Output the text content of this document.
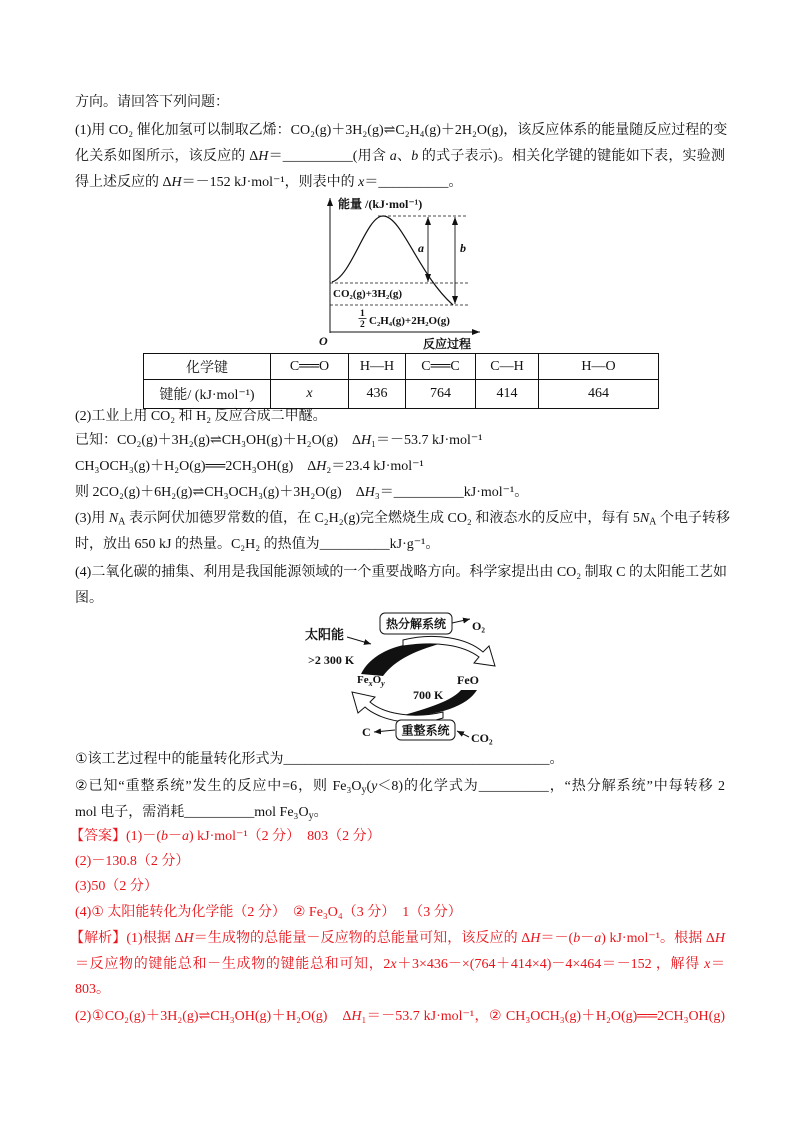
方向。请回答下列问题：
(1)用 CO₂ 催化加氢可以制取乙烯：CO₂(g)＋3H₂(g)⇌C₂H₄(g)＋2H₂O(g)，该反应体系的能量随反应过程的变
化关系如图所示，该反应的 ΔH＝__________(用含 a、b 的式子表示)。相关化学键的键能如下表，实验测
得上述反应的 ΔH＝－152 kJ·mol⁻¹，则表中的 x＝__________。
能量 /(kJ·mol⁻¹)
a	b
CO₂(g)+3H₂(g)
1
2 C₂H₄(g)+2H₂O(g)
O	反应过程
化学键	C══O	H—H	C══C	C—H	H—O
键能/ (kJ·mol⁻¹)	x	436	764	414	464
(2)工业上用 CO₂ 和 H₂ 反应合成二甲醚。
已知：CO₂(g)＋3H₂(g)⇌CH₃OH(g)＋H₂O(g)　ΔH₁＝－53.7 kJ·mol⁻¹
CH₃OCH₃(g)＋H₂O(g)══2CH₃OH(g)　ΔH₂＝23.4 kJ·mol⁻¹
则 2CO₂(g)＋6H₂(g)⇌CH₃OCH₃(g)＋3H₂O(g)　ΔH₃＝__________kJ·mol⁻¹。
(3)用 NA 表示阿伏加德罗常数的值，在 C₂H₂(g)完全燃烧生成 CO₂ 和液态水的反应中，每有 5NA 个电子转移
时，放出 650 kJ 的热量。C₂H₂ 的热值为__________kJ·g⁻¹。
(4)二氧化碳的捕集、利用是我国能源领域的一个重要战略方向。科学家提出由 CO₂ 制取 C 的太阳能工艺如
图。
太阳能
>2 300 K
热分解系统 O₂
$Fe_xO_y$	FeO
700 K
重整系统
C	CO₂
①该工艺过程中的能量转化形式为______________________________________。
②已知“重整系统”发生的反应中=6，则 Fe₃Oy(y＜8)的化学式为__________，“热分解系统”中每转移 2
mol 电子，需消耗__________mol Fe₃Oy。
【答案】(1)－(b－a) kJ·mol⁻¹（2 分）　803（2 分）
(2)－130.8（2 分）
(3)50（2 分）
(4)① 太阳能转化为化学能（2 分）　② Fe₃O₄（3 分）　1（3 分）
【解析】(1)根据 ΔH＝生成物的总能量－反应物的总能量可知，该反应的 ΔH＝－(b－a) kJ·mol⁻¹。根据 ΔH
＝反应物的键能总和－生成物的键能总和可知，2x＋3×436－×(764＋414×4)－4×464＝－152 ，解得 x＝
803。
(2)①CO₂(g)＋3H₂(g)⇌CH₃OH(g)＋H₂O(g)　ΔH₁＝－53.7 kJ·mol⁻¹，② CH₃OCH₃(g)＋H₂O(g)══2CH₃OH(g)
